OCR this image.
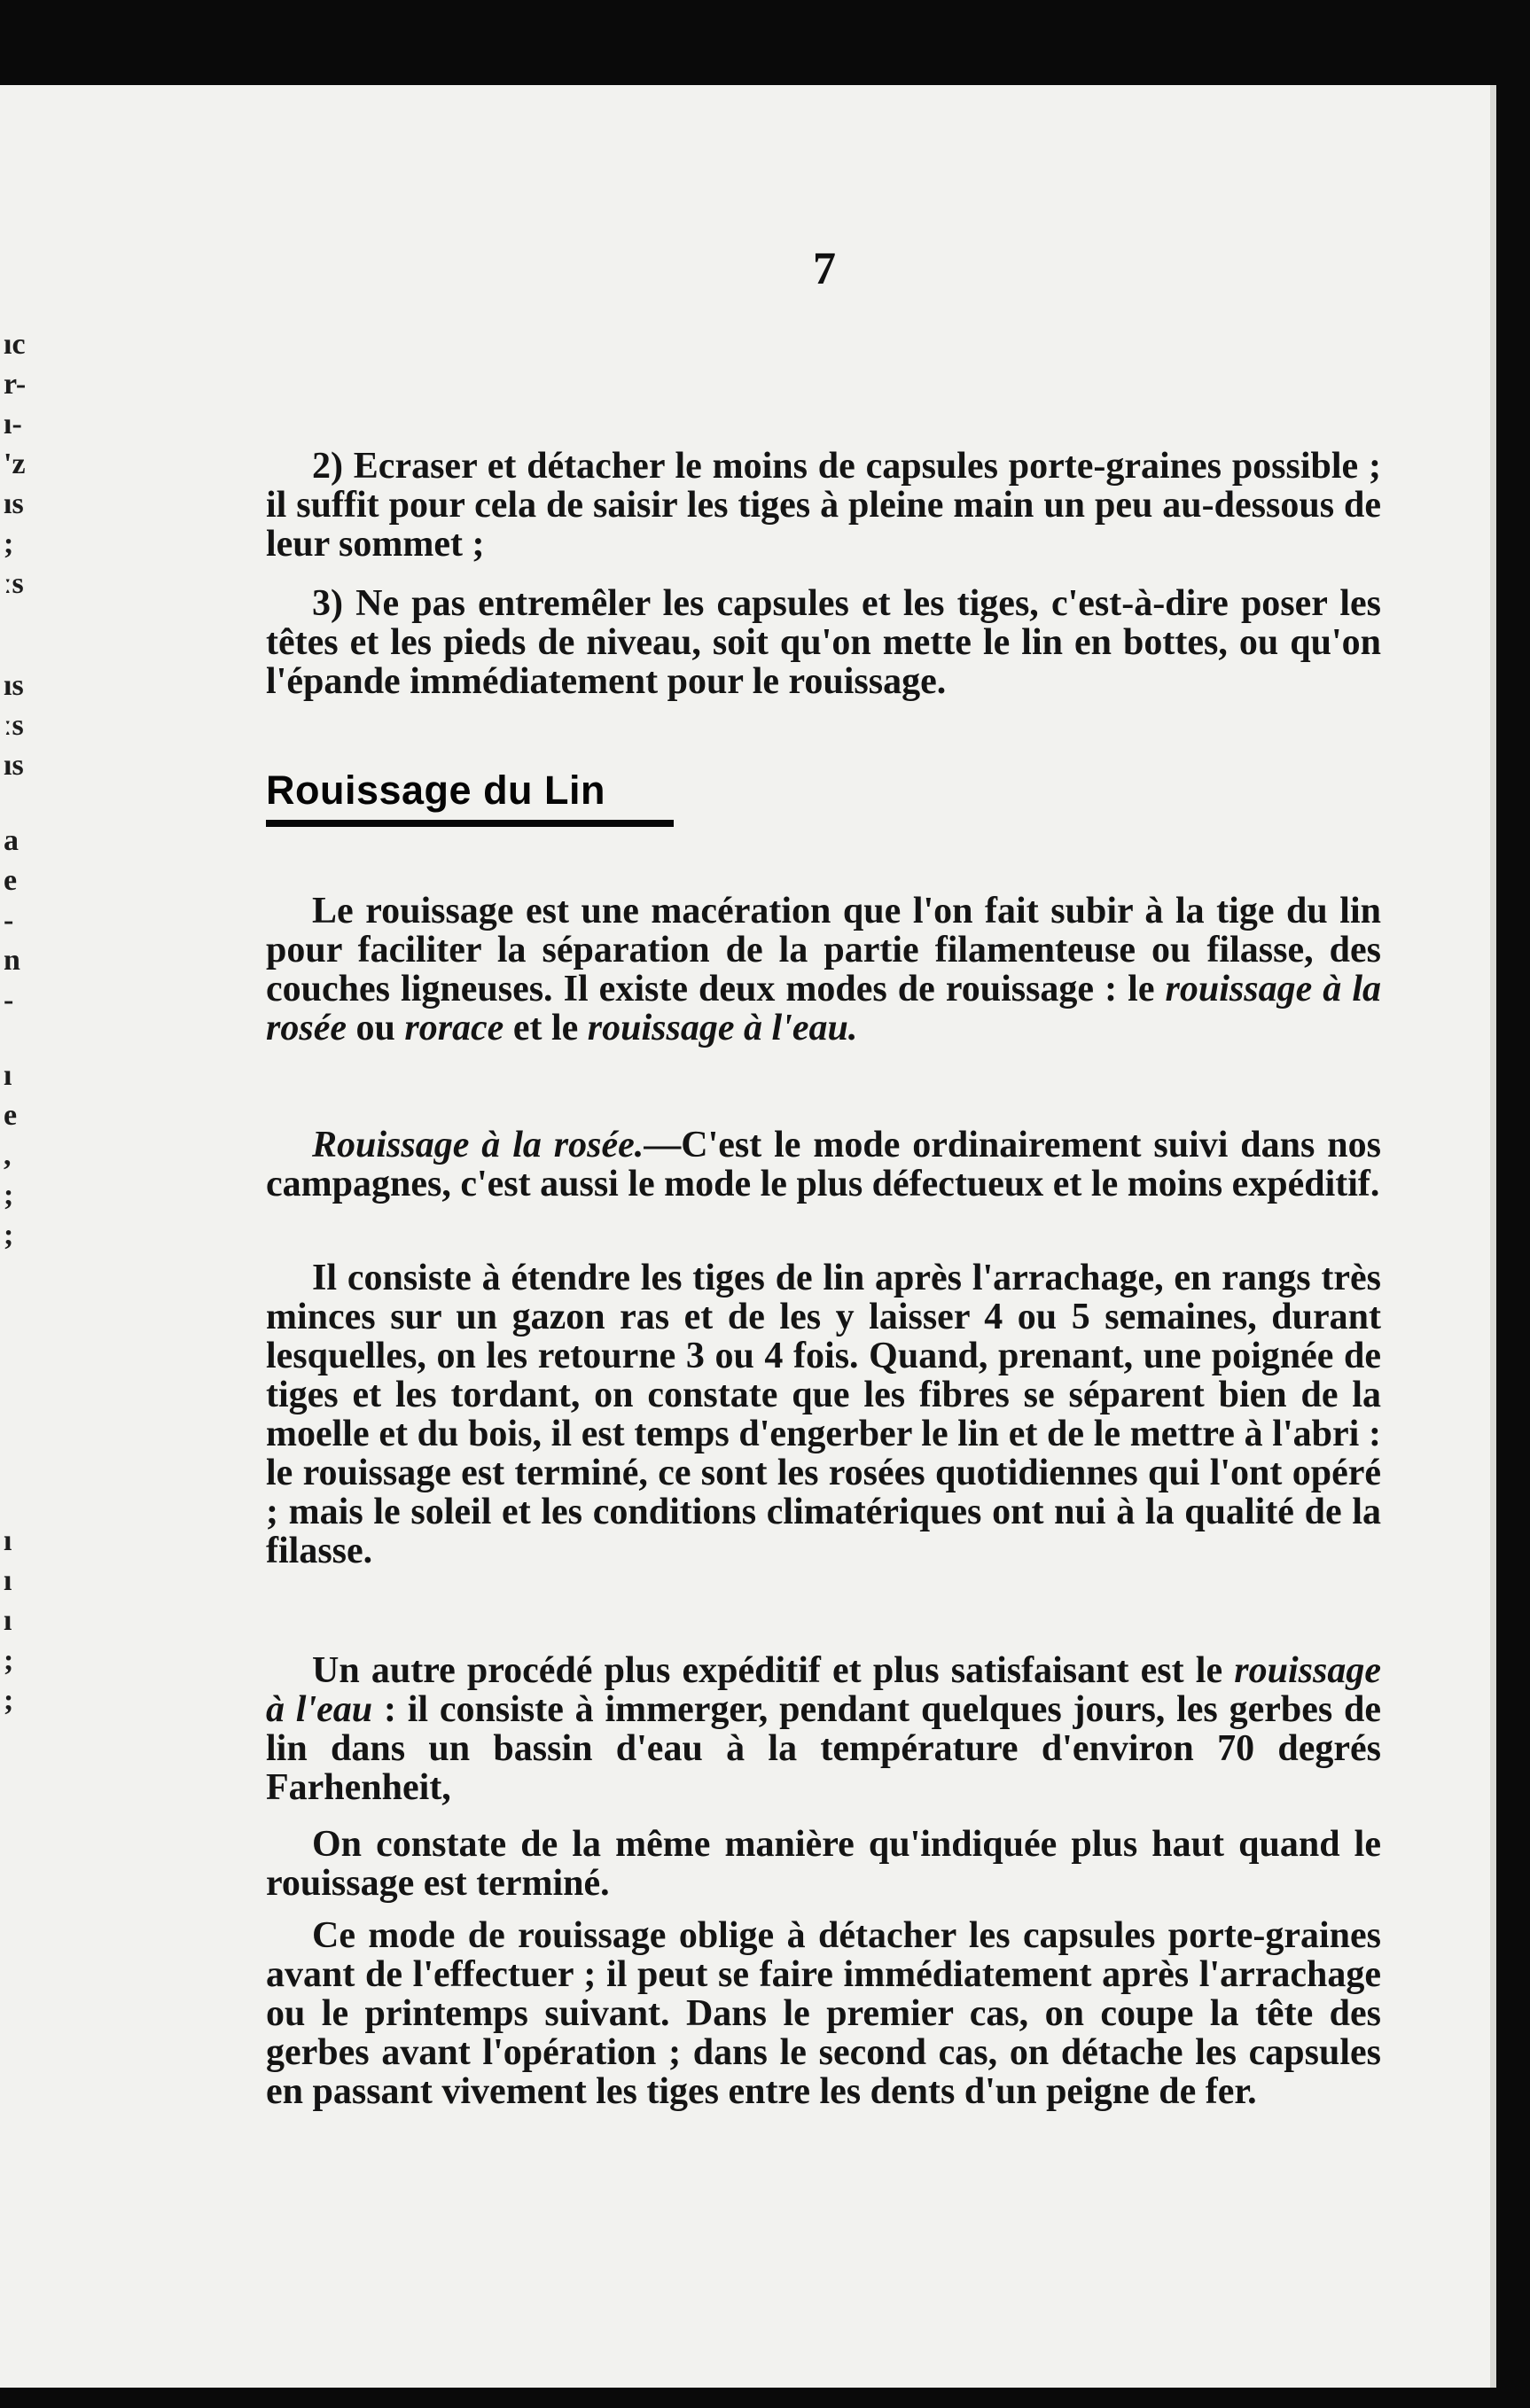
ıc
r-
ı-
'z
ıs
;
ːs
ıs
ːs
ıs
a
e
-
n
-
ı
e
,
;
;
ı
ı
ı
;
;
7

2) Ecraser et détacher le moins de capsules porte-graines possible ; il suffit pour cela de saisir les tiges à pleine main un peu au-dessous de leur sommet ;

3) Ne pas entremêler les capsules et les tiges, c'est-à-dire poser les têtes et les pieds de niveau, soit qu'on mette le lin en bottes, ou qu'on l'épande immédiatement pour le rouissage.

Rouissage du Lin

Le rouissage est une macération que l'on fait subir à la tige du lin pour faciliter la séparation de la partie filamenteuse ou filasse, des couches ligneuses. Il existe deux modes de rouissage : le rouissage à la rosée ou rorace et le rouissage à l'eau.

Rouissage à la rosée.—C'est le mode ordinairement suivi dans nos campagnes, c'est aussi le mode le plus défectueux et le moins expéditif.

Il consiste à étendre les tiges de lin après l'arrachage, en rangs très minces sur un gazon ras et de les y laisser 4 ou 5 semaines, durant lesquelles, on les retourne 3 ou 4 fois. Quand, prenant, une poignée de tiges et les tordant, on constate que les fibres se séparent bien de la moelle et du bois, il est temps d'engerber le lin et de le mettre à l'abri : le rouissage est terminé, ce sont les rosées quotidiennes qui l'ont opéré ; mais le soleil et les conditions climatériques ont nui à la qualité de la filasse.

Un autre procédé plus expéditif et plus satisfaisant est le rouissage à l'eau : il consiste à immerger, pendant quelques jours, les gerbes de lin dans un bassin d'eau à la température d'environ 70 degrés Farhenheit,

On constate de la même manière qu'indiquée plus haut quand le rouissage est terminé.

Ce mode de rouissage oblige à détacher les capsules porte-graines avant de l'effectuer ; il peut se faire immédiatement après l'arrachage ou le printemps suivant. Dans le premier cas, on coupe la tête des gerbes avant l'opération ; dans le second cas, on détache les capsules en passant vivement les tiges entre les dents d'un peigne de fer.
